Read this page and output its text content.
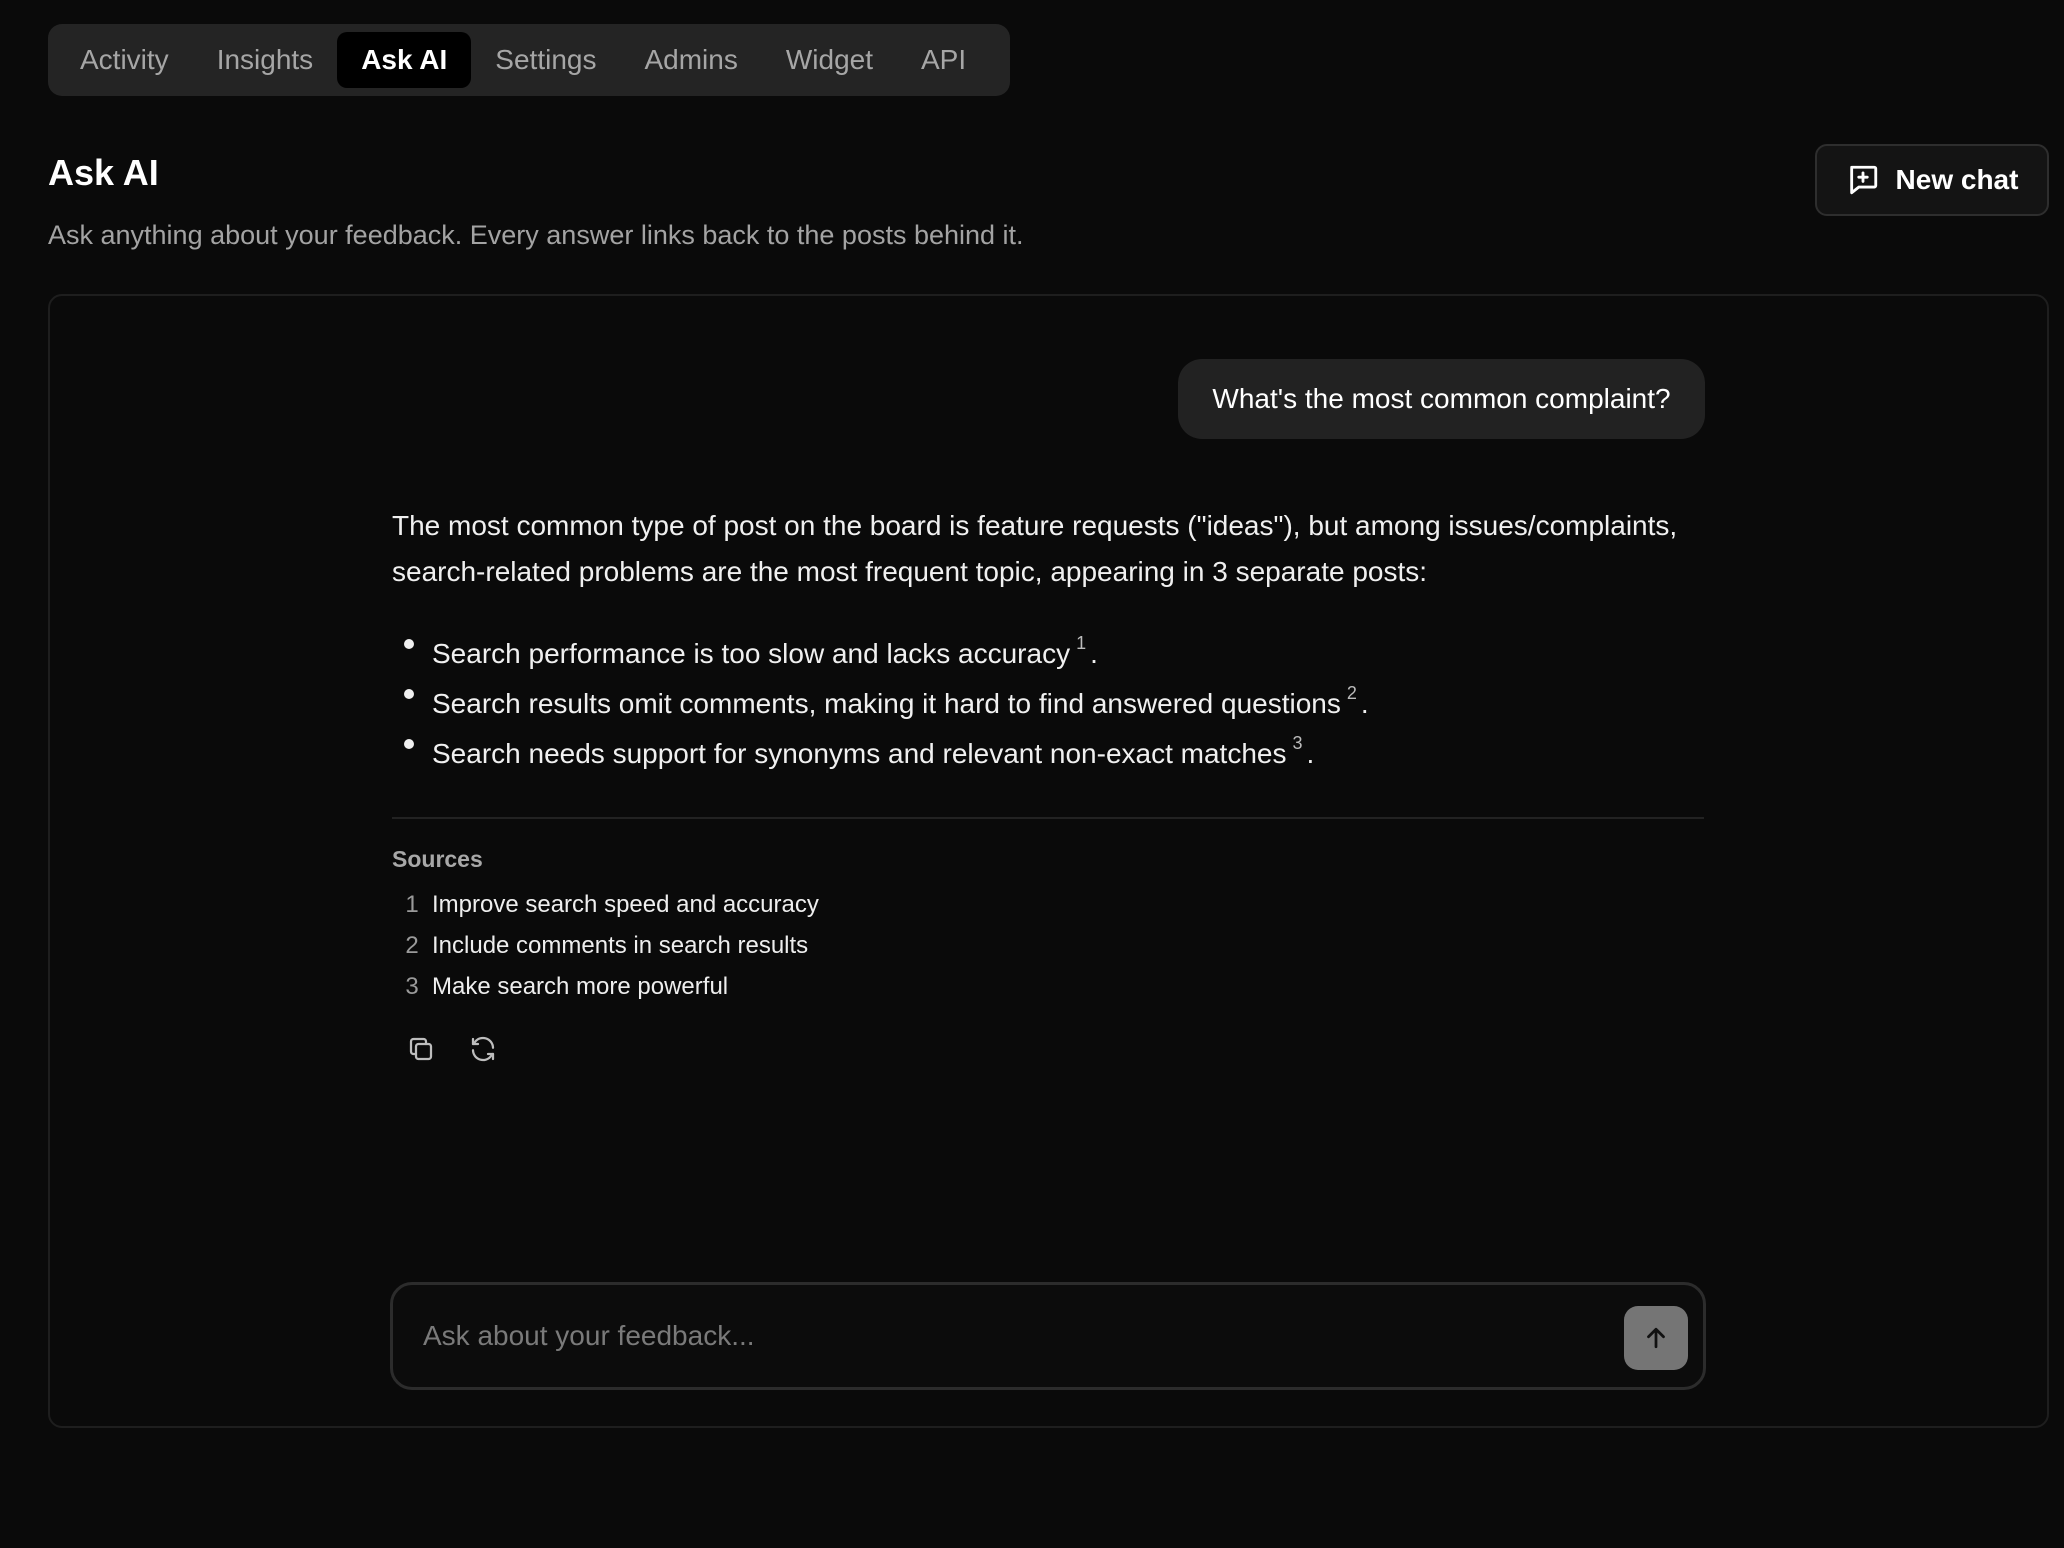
Activity	Insights	Ask AI	Settings	Admins	Widget	API
Ask AI

Ask anything about your feedback. Every answer links back to the posts behind it.

New chat
What's the most common complaint?

The most common type of post on the board is feature requests ("ideas"), but among issues/complaints, search-related problems are the most frequent topic, appearing in 3 separate posts:

Search performance is too slow and lacks accuracy $^1$ .
Search results omit comments, making it hard to find answered questions $^2$ .
Search needs support for synonyms and relevant non-exact matches $^3$ .
Sources
1 Improve search speed and accuracy
2 Include comments in search results
3 Make search more powerful
Ask about your feedback...
